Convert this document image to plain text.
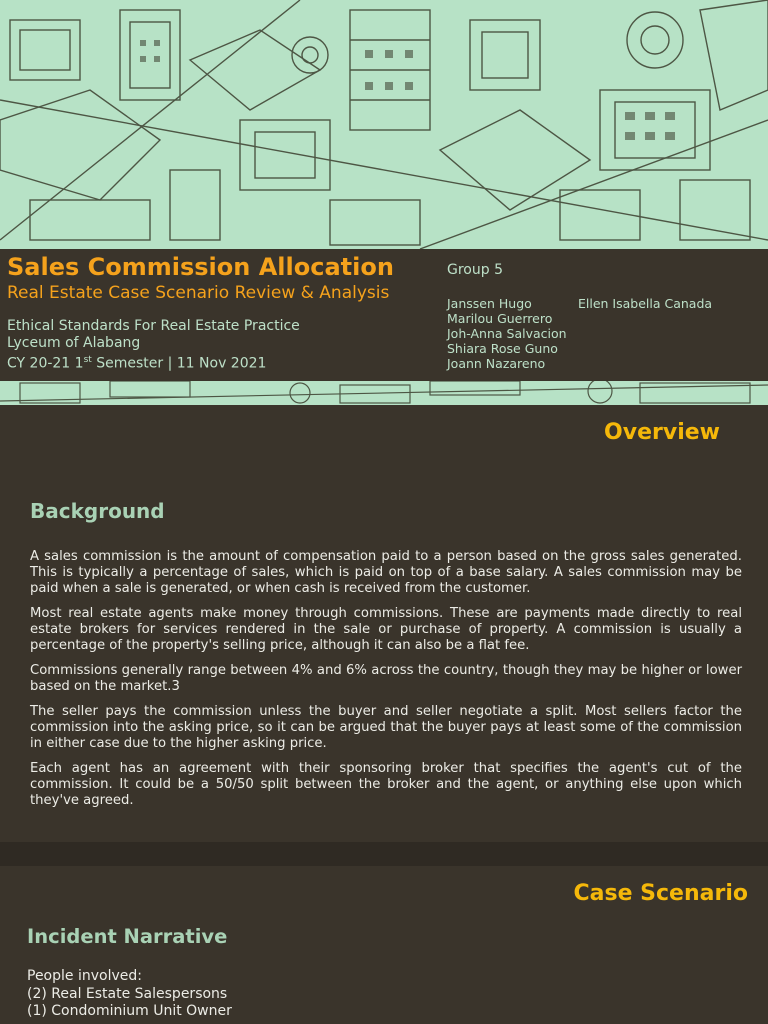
Sales Commission Allocation
Real Estate Case Scenario Review & Analysis
Ethical Standards For Real Estate Practice
Lyceum of Alabang
CY 20-21 1st Semester | 11 Nov 2021
Group 5
Janssen Hugo
Marilou Guerrero
Joh-Anna Salvacion
Shiara Rose Guno
Joann Nazareno
Ellen Isabella Canada
Overview
Background

A sales commission is the amount of compensation paid to a person based on the gross sales generated. This is typically a percentage of sales, which is paid on top of a base salary. A sales commission may be paid when a sale is generated, or when cash is received from the customer.

Most real estate agents make money through commissions. These are payments made directly to real estate brokers for services rendered in the sale or purchase of property. A commission is usually a percentage of the property's selling price, although it can also be a flat fee.

Commissions generally range between 4% and 6% across the country, though they may be higher or lower based on the market.3

The seller pays the commission unless the buyer and seller negotiate a split. Most sellers factor the commission into the asking price, so it can be argued that the buyer pays at least some of the commission in either case due to the higher asking price.

Each agent has an agreement with their sponsoring broker that specifies the agent's cut of the commission. It could be a 50/50 split between the broker and the agent, or anything else upon which they've agreed.

Case Scenario
Incident Narrative
People involved:
(2) Real Estate Salespersons
(1) Condominium Unit Owner
